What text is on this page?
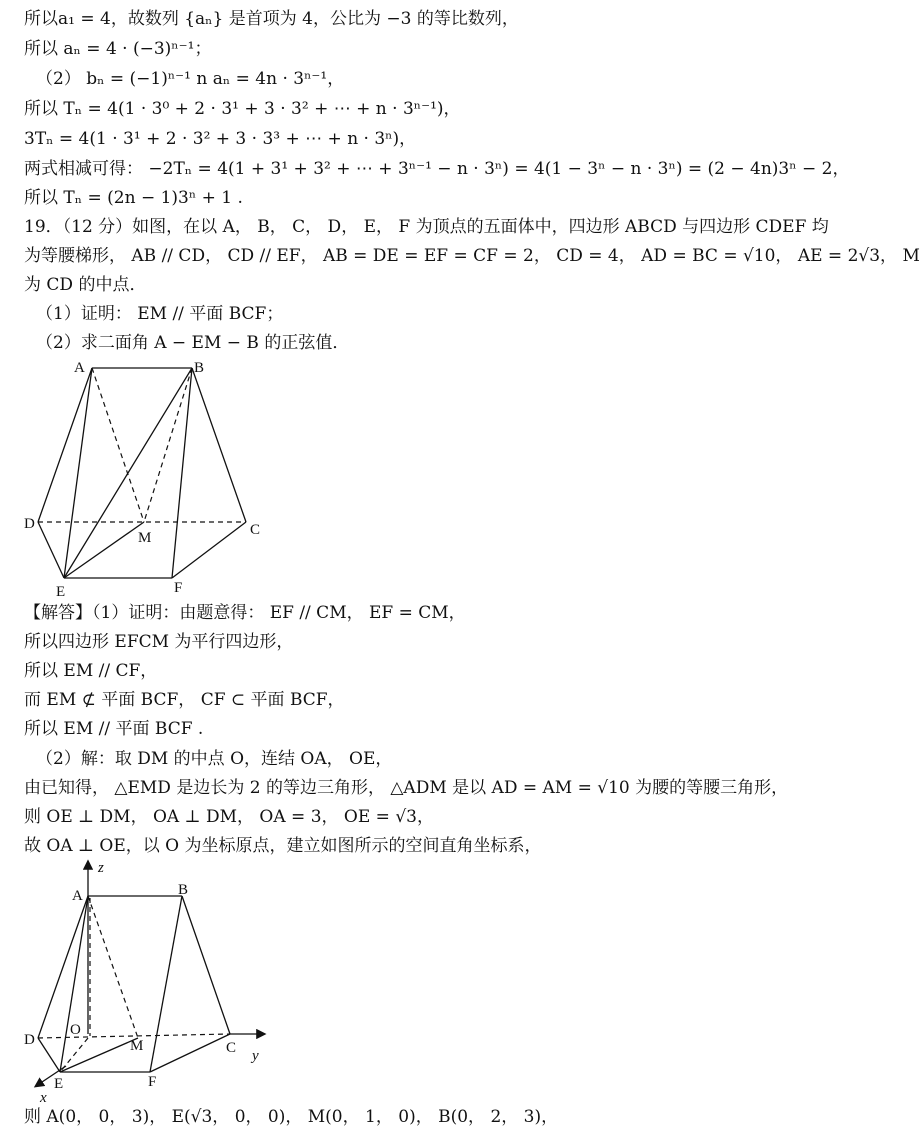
所以a₁ = 4，故数列 {aₙ} 是首项为 4，公比为 −3 的等比数列，
所以 aₙ = 4 · (−3)ⁿ⁻¹；
（2） bₙ = (−1)ⁿ⁻¹ n aₙ = 4n · 3ⁿ⁻¹，
所以 Tₙ = 4(1 · 3⁰ + 2 · 3¹ + 3 · 3² + ⋯ + n · 3ⁿ⁻¹)，
3Tₙ = 4(1 · 3¹ + 2 · 3² + 3 · 3³ + ⋯ + n · 3ⁿ)，
两式相减可得： −2Tₙ = 4(1 + 3¹ + 3² + ⋯ + 3ⁿ⁻¹ − n · 3ⁿ) = 4(1 − 3ⁿ − n · 3ⁿ) = (2 − 4n)3ⁿ − 2，
所以 Tₙ = (2n − 1)3ⁿ + 1 .
19．（12 分）如图，在以 A， B， C， D， E， F 为顶点的五面体中，四边形 ABCD 与四边形 CDEF 均
为等腰梯形， AB // CD， CD // EF， AB = DE = EF = CF = 2， CD = 4， AD = BC = √10， AE = 2√3， M
为 CD 的中点．
（1）证明： EM // 平面 BCF；
（2）求二面角 A − EM − B 的正弦值．
A	B
D	C
M
E	F
【解答】（1）证明：由题意得： EF // CM， EF = CM，
所以四边形 EFCM 为平行四边形，
所以 EM // CF，
而 EM ⊄ 平面 BCF， CF ⊂ 平面 BCF，
所以 EM // 平面 BCF .
（2）解：取 DM 的中点 O，连结 OA， OE，
由已知得， △EMD 是边长为 2 的等边三角形， △ADM 是以 AD = AM = √10 为腰的等腰三角形，
则 OE ⊥ DM， OA ⊥ DM， OA = 3， OE = √3，
故 OA ⊥ OE，以 O 为坐标原点，建立如图所示的空间直角坐标系，
z
y
x
A	B
D
O
M	C
E	F
则 A(0， 0， 3)， E(√3， 0， 0)， M(0， 1， 0)， B(0， 2， 3)，
